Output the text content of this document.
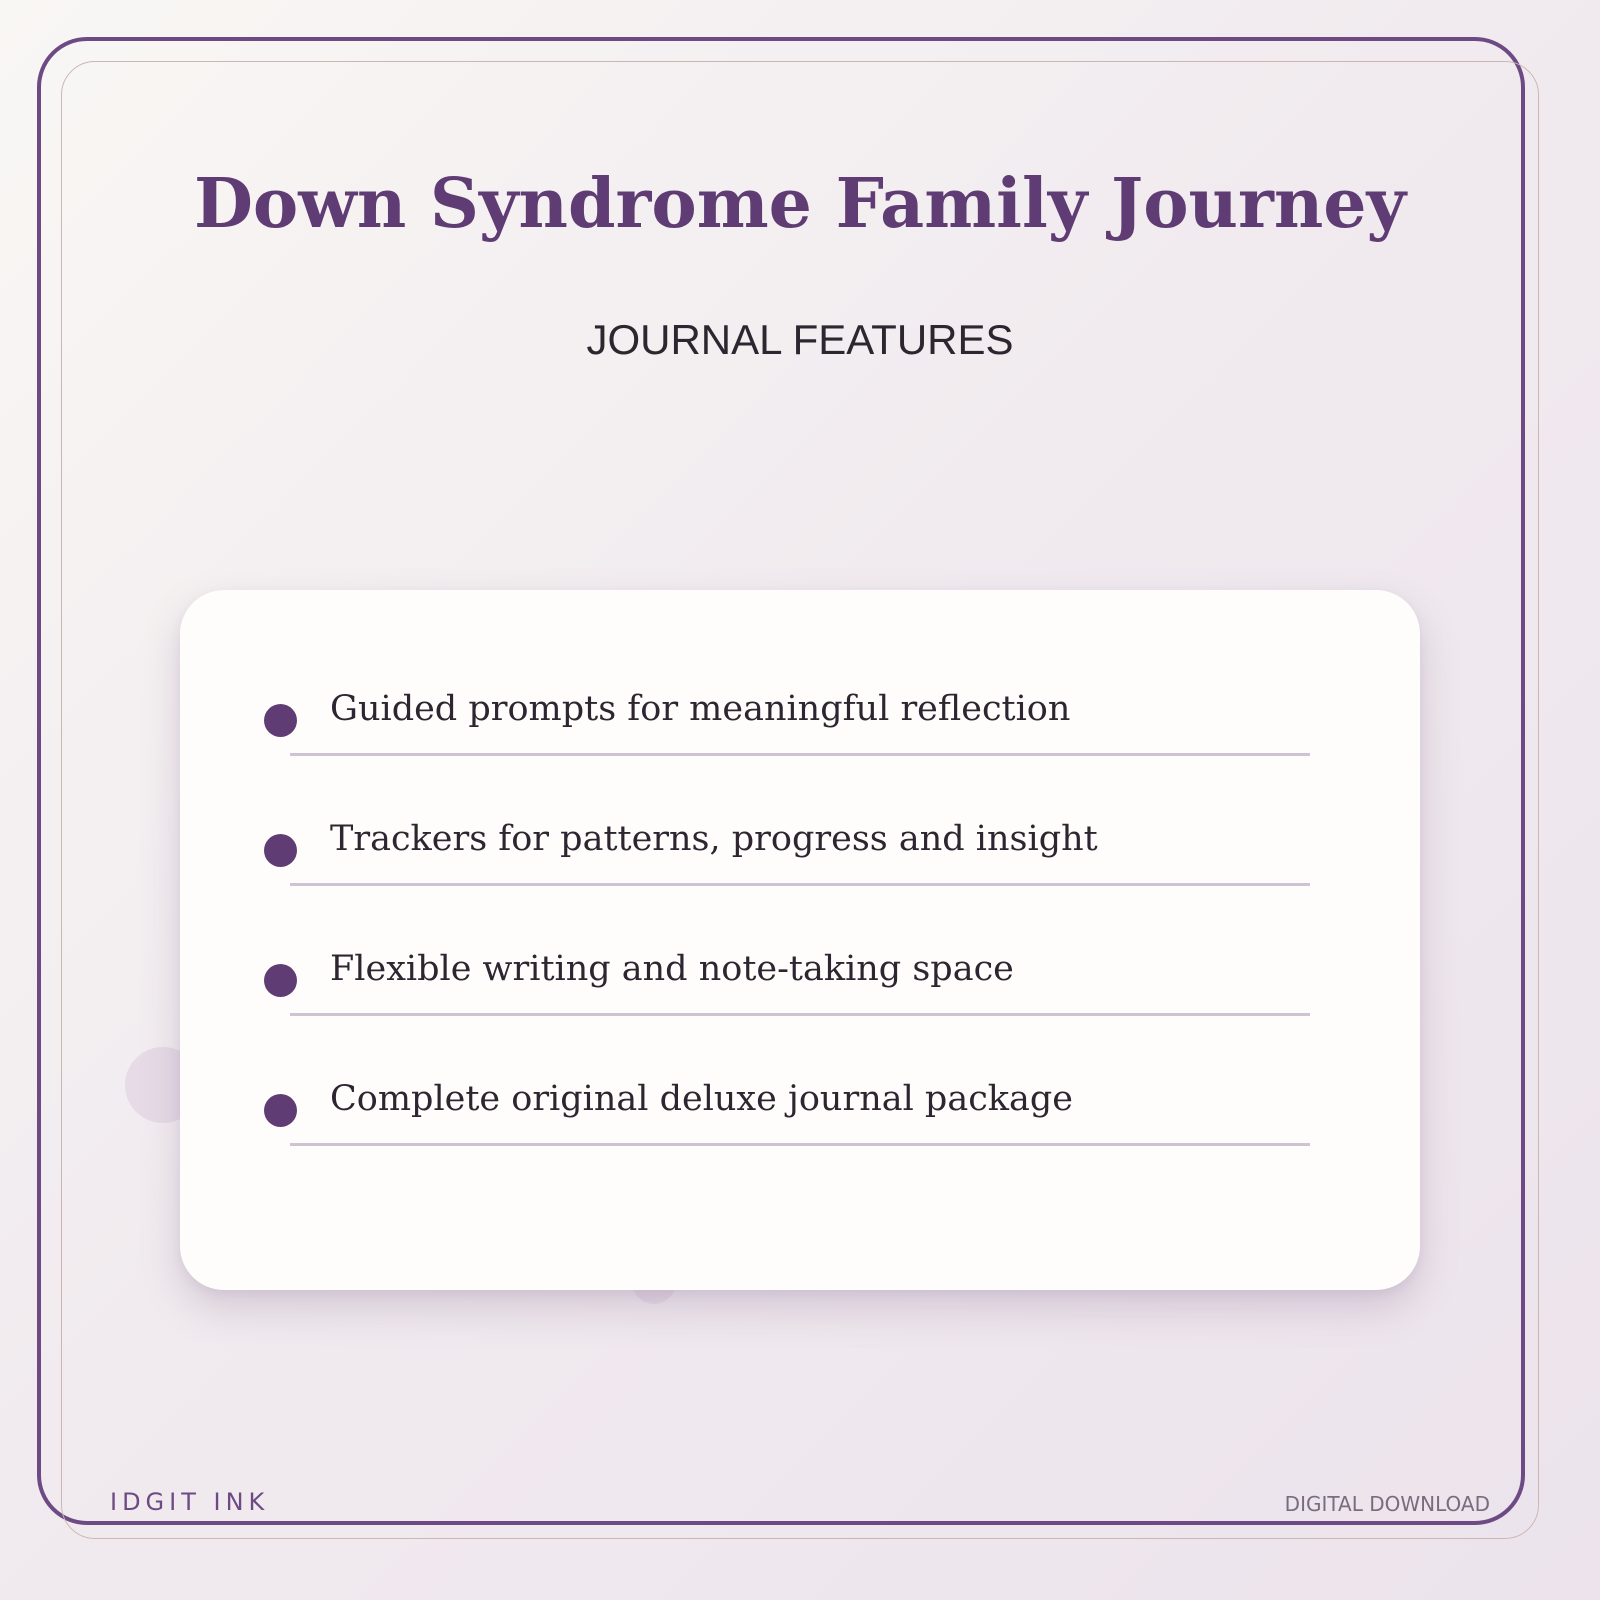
Down Syndrome Family Journey
JOURNAL FEATURES
Guided prompts for meaningful reflection
Trackers for patterns, progress and insight
Flexible writing and note-taking space
Complete original deluxe journal package
IDGIT INK	DIGITAL DOWNLOAD
